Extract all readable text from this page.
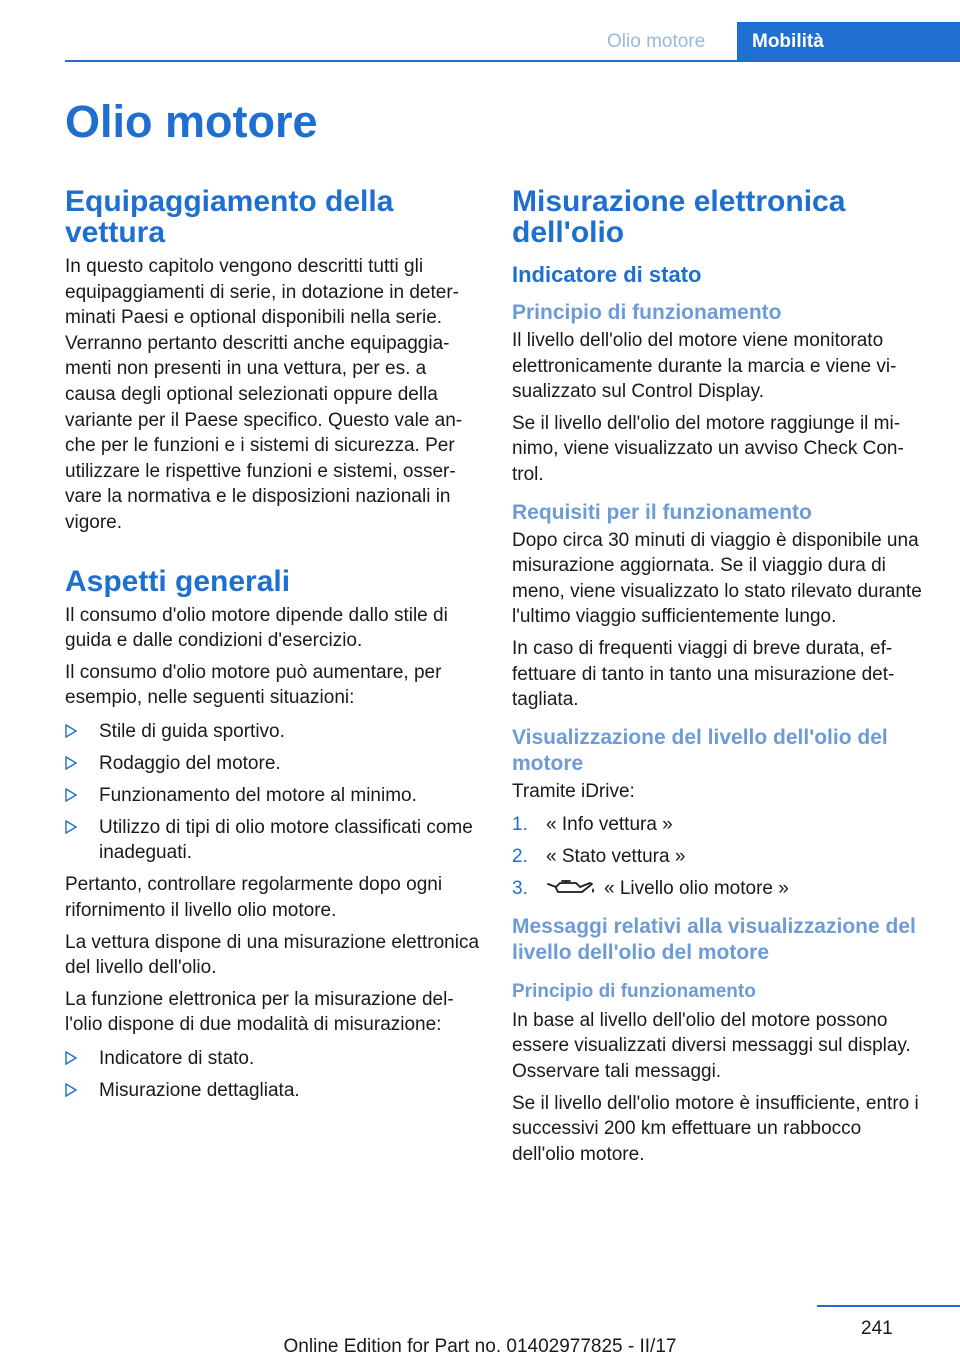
Olio motore	Mobilità
Olio motore
Equipaggiamento della vettura

In questo capitolo vengono descritti tutti gli equipaggiamenti di serie, in dotazione in determinati Paesi e optional disponibili nella serie. Verranno pertanto descritti anche equipaggiamenti non presenti in una vettura, per es. a causa degli optional selezionati oppure della variante per il Paese specifico. Questo vale anche per le funzioni e i sistemi di sicurezza. Per utilizzare le rispettive funzioni e sistemi, osservare la normativa e le disposizioni nazionali in vigore.

Aspetti generali

Il consumo d'olio motore dipende dallo stile di guida e dalle condizioni d'esercizio.

Il consumo d'olio motore può aumentare, per esempio, nelle seguenti situazioni:

Stile di guida sportivo.
Rodaggio del motore.
Funzionamento del motore al minimo.
Utilizzo di tipi di olio motore classificati come inadeguati.

Pertanto, controllare regolarmente dopo ogni rifornimento il livello olio motore.

La vettura dispone di una misurazione elettronica del livello dell'olio.

La funzione elettronica per la misurazione dell'olio dispone di due modalità di misurazione:

Indicatore di stato.
Misurazione dettagliata.
Misurazione elettronica dell'olio
Indicatore di stato
Principio di funzionamento

Il livello dell'olio del motore viene monitorato elettronicamente durante la marcia e viene visualizzato sul Control Display.

Se il livello dell'olio del motore raggiunge il minimo, viene visualizzato un avviso Check Control.

Requisiti per il funzionamento

Dopo circa 30 minuti di viaggio è disponibile una misurazione aggiornata. Se il viaggio dura di meno, viene visualizzato lo stato rilevato durante l'ultimo viaggio sufficientemente lungo.

In caso di frequenti viaggi di breve durata, effettuare di tanto in tanto una misurazione dettagliata.

Visualizzazione del livello dell'olio del motore

Tramite iDrive:

1. « Info vettura »
2. « Stato vettura »
3.	« Livello olio motore »
Messaggi relativi alla visualizzazione del livello dell'olio del motore
Principio di funzionamento

In base al livello dell'olio del motore possono essere visualizzati diversi messaggi sul display. Osservare tali messaggi.

Se il livello dell'olio motore è insufficiente, entro i successivi 200 km effettuare un rabbocco dell'olio motore.

241
Online Edition for Part no. 01402977825 - II/17
